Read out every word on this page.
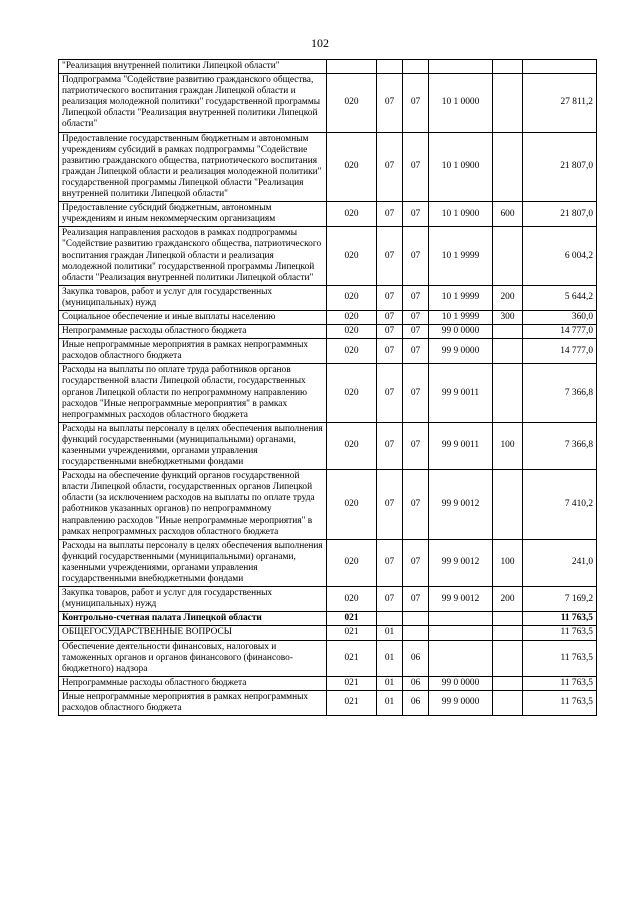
102
"Реализация внутренней политики Липецкой области"						
Подпрограмма "Содействие развитию гражданского общества, патриотического воспитания граждан Липецкой области и реализация молодежной политики" государственной программы Липецкой области "Реализация внутренней политики Липецкой области"	020	07	07	10 1 0000		27 811,2
Предоставление государственным бюджетным и автономным учреждениям субсидий в рамках подпрограммы "Содействие развитию гражданского общества, патриотического воспитания граждан Липецкой области и реализация молодежной политики" государственной программы Липецкой области "Реализация внутренней политики Липецкой области"	020	07	07	10 1 0900		21 807,0
Предоставление субсидий бюджетным, автономным учреждениям и иным некоммерческим организациям	020	07	07	10 1 0900	600	21 807,0
Реализация направления расходов в рамках подпрограммы "Содействие развитию гражданского общества, патриотического воспитания граждан Липецкой области и реализация молодежной политики" государственной программы Липецкой области "Реализация внутренней политики Липецкой области"	020	07	07	10 1 9999		6 004,2
Закупка товаров, работ и услуг для государственных (муниципальных) нужд	020	07	07	10 1 9999	200	5 644,2
Социальное обеспечение и иные выплаты населению	020	07	07	10 1 9999	300	360,0
Непрограммные расходы областного бюджета	020	07	07	99 0 0000		14 777,0
Иные непрограммные мероприятия в рамках непрограммных расходов областного бюджета	020	07	07	99 9 0000		14 777,0
Расходы на выплаты по оплате труда работников органов государственной власти Липецкой области, государственных органов Липецкой области по непрограммному направлению расходов "Иные непрограммные мероприятия" в рамках непрограммных расходов областного бюджета	020	07	07	99 9 0011		7 366,8
Расходы на выплаты персоналу в целях обеспечения выполнения функций государственными (муниципальными) органами, казенными учреждениями, органами управления государственными внебюджетными фондами	020	07	07	99 9 0011	100	7 366,8
Расходы на обеспечение функций органов государственной власти Липецкой области, государственных органов Липецкой области (за исключением расходов на выплаты по оплате труда работников указанных органов) по непрограммному направлению расходов "Иные непрограммные мероприятия" в рамках непрограммных расходов областного бюджета	020	07	07	99 9 0012		7 410,2
Расходы на выплаты персоналу в целях обеспечения выполнения функций государственными (муниципальными) органами, казенными учреждениями, органами управления государственными внебюджетными фондами	020	07	07	99 9 0012	100	241,0
Закупка товаров, работ и услуг для государственных (муниципальных) нужд	020	07	07	99 9 0012	200	7 169,2
Контрольно-счетная палата Липецкой области	021					11 763,5
ОБЩЕГОСУДАРСТВЕННЫЕ ВОПРОСЫ	021	01				11 763,5
Обеспечение деятельности финансовых, налоговых и таможенных органов и органов финансового (финансово-бюджетного) надзора	021	01	06			11 763,5
Непрограммные расходы областного бюджета	021	01	06	99 0 0000		11 763,5
Иные непрограммные мероприятия в рамках непрограммных расходов областного бюджета	021	01	06	99 9 0000		11 763,5
